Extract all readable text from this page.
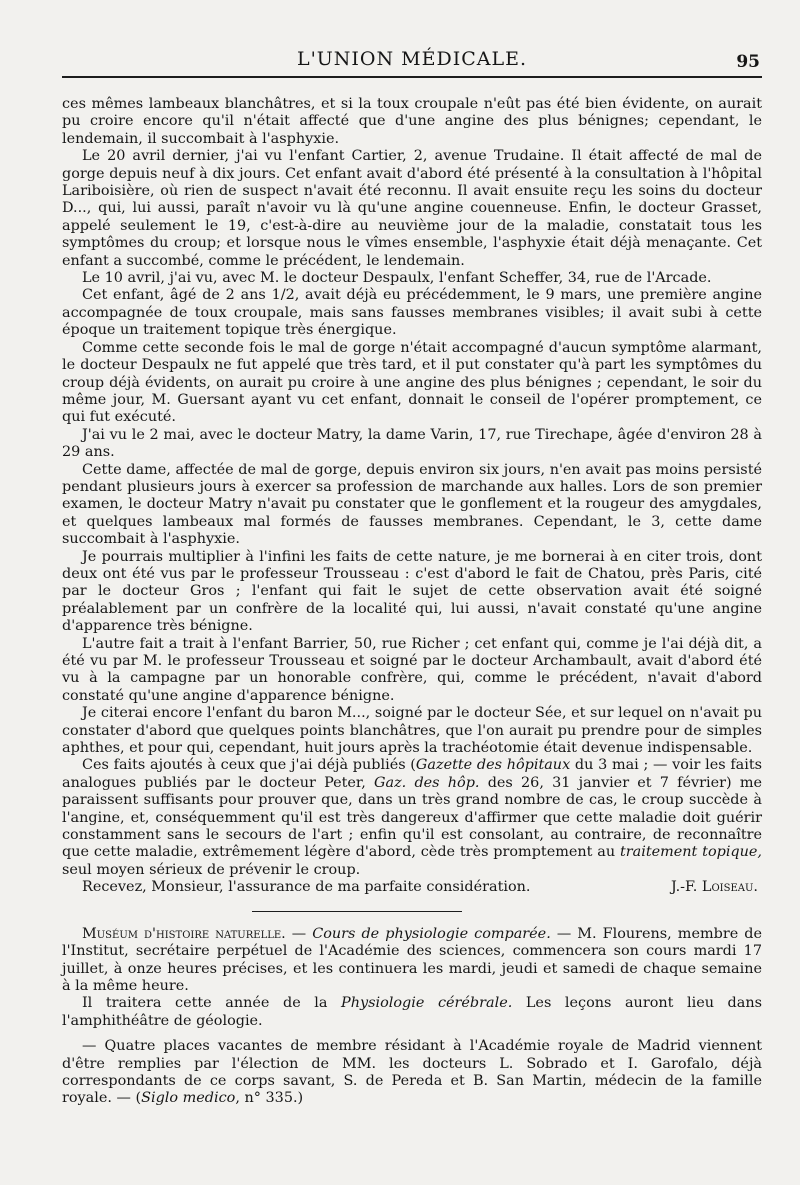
L'UNION MÉDICALE.	95

ces mêmes lambeaux blanchâtres, et si la toux croupale n'eût pas été bien évidente, on aurait pu croire encore qu'il n'était affecté que d'une angine des plus bénignes; cependant, le lendemain, il succombait à l'asphyxie.

Le 20 avril dernier, j'ai vu l'enfant Cartier, 2, avenue Trudaine. Il était affecté de mal de gorge depuis neuf à dix jours. Cet enfant avait d'abord été présenté à la consultation à l'hôpital Lariboisière, où rien de suspect n'avait été reconnu. Il avait ensuite reçu les soins du docteur D..., qui, lui aussi, paraît n'avoir vu là qu'une angine couenneuse. Enfin, le docteur Grasset, appelé seulement le 19, c'est-à-dire au neuvième jour de la maladie, constatait tous les symptômes du croup; et lorsque nous le vîmes ensemble, l'asphyxie était déjà menaçante. Cet enfant a succombé, comme le précédent, le lendemain.

Le 10 avril, j'ai vu, avec M. le docteur Despaulx, l'enfant Scheffer, 34, rue de l'Arcade.

Cet enfant, âgé de 2 ans 1/2, avait déjà eu précédemment, le 9 mars, une première angine accompagnée de toux croupale, mais sans fausses membranes visibles; il avait subi à cette époque un traitement topique très énergique.

Comme cette seconde fois le mal de gorge n'était accompagné d'aucun symptôme alarmant, le docteur Despaulx ne fut appelé que très tard, et il put constater qu'à part les symptômes du croup déjà évidents, on aurait pu croire à une angine des plus bénignes ; cependant, le soir du même jour, M. Guersant ayant vu cet enfant, donnait le conseil de l'opérer promptement, ce qui fut exécuté.

J'ai vu le 2 mai, avec le docteur Matry, la dame Varin, 17, rue Tirechape, âgée d'environ 28 à 29 ans.

Cette dame, affectée de mal de gorge, depuis environ six jours, n'en avait pas moins persisté pendant plusieurs jours à exercer sa profession de marchande aux halles. Lors de son premier examen, le docteur Matry n'avait pu constater que le gonflement et la rougeur des amygdales, et quelques lambeaux mal formés de fausses membranes. Cependant, le 3, cette dame succombait à l'asphyxie.

Je pourrais multiplier à l'infini les faits de cette nature, je me bornerai à en citer trois, dont deux ont été vus par le professeur Trousseau : c'est d'abord le fait de Chatou, près Paris, cité par le docteur Gros ; l'enfant qui fait le sujet de cette observation avait été soigné préalablement par un confrère de la localité qui, lui aussi, n'avait constaté qu'une angine d'apparence très bénigne.

L'autre fait a trait à l'enfant Barrier, 50, rue Richer ; cet enfant qui, comme je l'ai déjà dit, a été vu par M. le professeur Trousseau et soigné par le docteur Archambault, avait d'abord été vu à la campagne par un honorable confrère, qui, comme le précédent, n'avait d'abord constaté qu'une angine d'apparence bénigne.

Je citerai encore l'enfant du baron M..., soigné par le docteur Sée, et sur lequel on n'avait pu constater d'abord que quelques points blanchâtres, que l'on aurait pu prendre pour de simples aphthes, et pour qui, cependant, huit jours après la trachéotomie était devenue indispensable.

Ces faits ajoutés à ceux que j'ai déjà publiés (Gazette des hôpitaux du 3 mai ; — voir les faits analogues publiés par le docteur Peter, Gaz. des hôp. des 26, 31 janvier et 7 février) me paraissent suffisants pour prouver que, dans un très grand nombre de cas, le croup succède à l'angine, et, conséquemment qu'il est très dangereux d'affirmer que cette maladie doit guérir constamment sans le secours de l'art ; enfin qu'il est consolant, au contraire, de reconnaître que cette maladie, extrêmement légère d'abord, cède très promptement au traitement topique, seul moyen sérieux de prévenir le croup.

Recevez, Monsieur, l'assurance de ma parfaite considération.	J.-F. Loiseau.

Muséum d'histoire naturelle. — Cours de physiologie comparée. — M. Flourens, membre de l'Institut, secrétaire perpétuel de l'Académie des sciences, commencera son cours mardi 17 juillet, à onze heures précises, et les continuera les mardi, jeudi et samedi de chaque semaine à la même heure.

Il traitera cette année de la Physiologie cérébrale. Les leçons auront lieu dans l'amphithéâtre de géologie.

— Quatre places vacantes de membre résidant à l'Académie royale de Madrid viennent d'être remplies par l'élection de MM. les docteurs L. Sobrado et I. Garofalo, déjà correspondants de ce corps savant, S. de Pereda et B. San Martin, médecin de la famille royale. — (Siglo medico, n° 335.)
